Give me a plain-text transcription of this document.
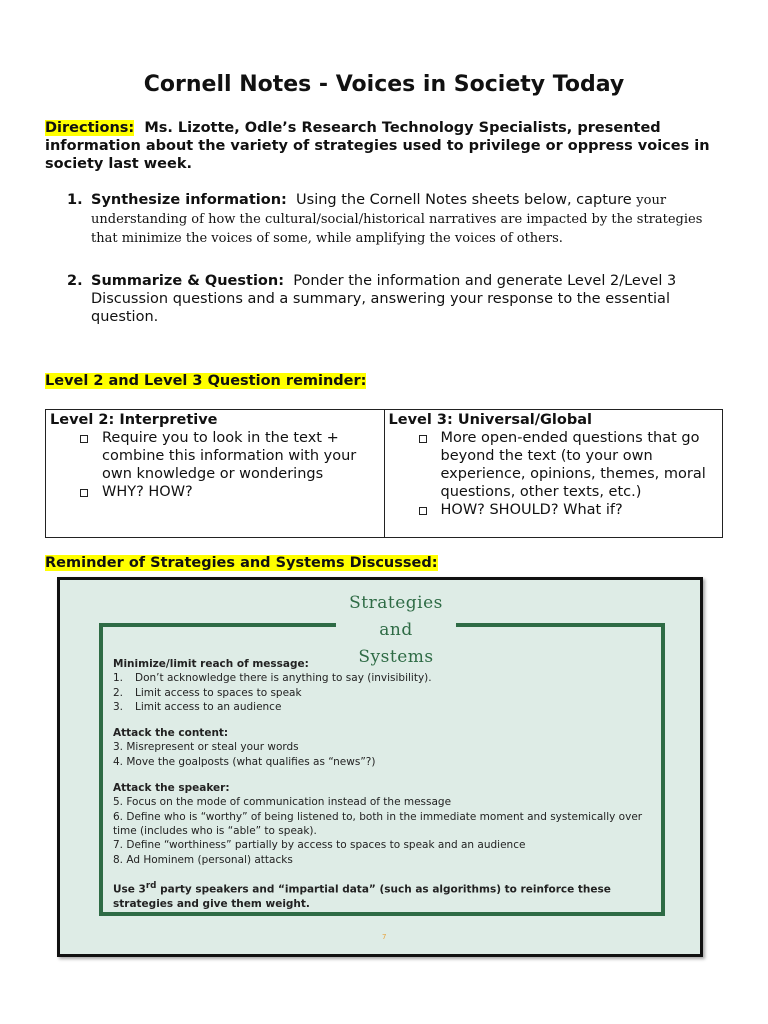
Cornell Notes - Voices in Society Today

Directions: Ms. Lizotte, Odle’s Research Technology Specialists, presented information about the variety of strategies used to privilege or oppress voices in society last week.

1. Synthesize information: Using the Cornell Notes sheets below, capture your understanding of how the cultural/social/historical narratives are impacted by the strategies that minimize the voices of some, while amplifying the voices of others.
2. Summarize & Question: Ponder the information and generate Level 2/Level 3 Discussion questions and a summary, answering your response to the essential question.

Level 2 and Level 3 Question reminder:

Level 2: Interpretive
Require you to look in the text + combine this information with your own knowledge or wonderings
WHY? HOW?

Level 3: Universal/Global
More open-ended questions that go beyond the text (to your own experience, opinions, themes, moral questions, other texts, etc.)
HOW? SHOULD? What if?

Reminder of Strategies and Systems Discussed:

Strategies
and
Systems
Minimize/limit reach of message:
1. Don’t acknowledge there is anything to say (invisibility).
2. Limit access to spaces to speak
3. Limit access to an audience
Attack the content:
3. Misrepresent or steal your words
4. Move the goalposts (what qualifies as “news”?)
Attack the speaker:
5. Focus on the mode of communication instead of the message
6. Define who is “worthy” of being listened to, both in the immediate moment and systemically over time (includes who is “able” to speak).
7. Define “worthiness” partially by access to spaces to speak and an audience
8. Ad Hominem (personal) attacks
Use 3rd party speakers and “impartial data” (such as algorithms) to reinforce these strategies and give them weight.
7
